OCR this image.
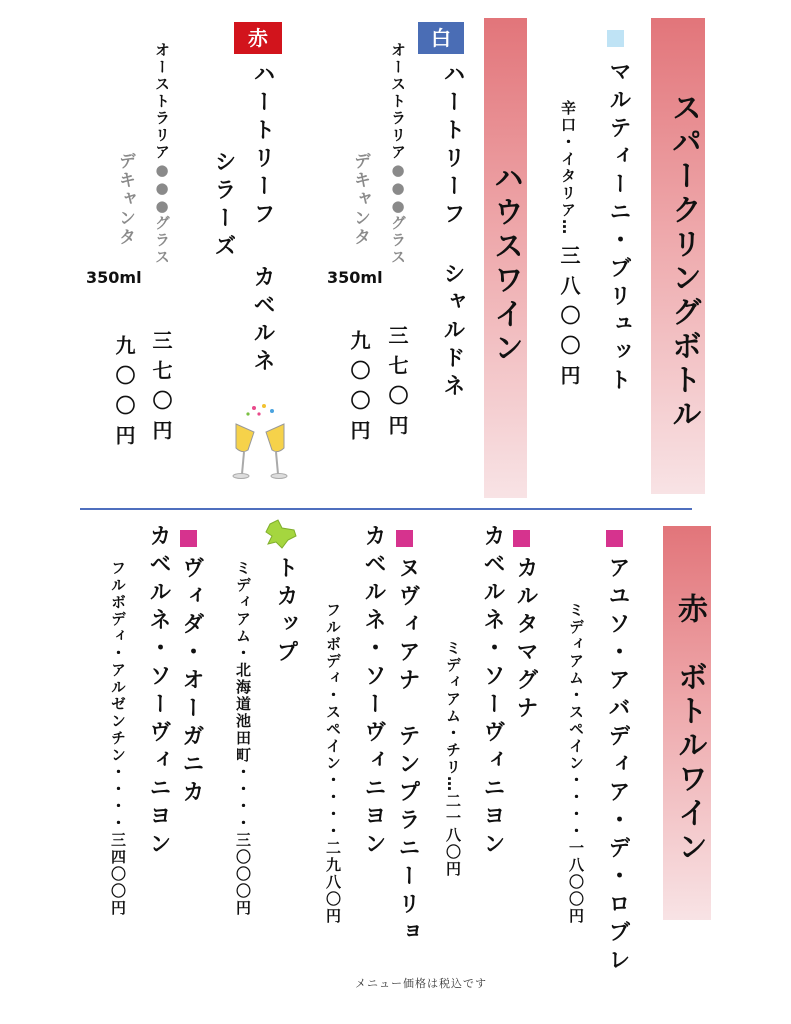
スパークリングボトル
マルティーニ・ブリュット
辛口・イタリア…
三八〇〇円
ハウスワイン
白
ハートリーフ
シャルドネ
オーストラリア●●●グラス
三七〇円
デキャンタ
350ml
九〇〇円
赤
ハートリーフ
カベルネ
シラーズ
オーストラリア●●●グラス
三七〇円
デキャンタ
350ml
九〇〇円
赤　ボトルワイン
アユソ・アバディア・デ・ロブレ
ミディアム・スペイン・・・・一八〇〇円
カルタマグナ
カベルネ・ソーヴィニヨン
ミディアム・チリ…二一八〇円
ヌヴィアナ　テンプラニーリョ
カベルネ・ソーヴィニヨン
フルボディ・スペイン・・・・二九八〇円
トカップ
ミディアム・北海道池田町・・・・三〇〇〇円
ヴィダ・オーガニカ
カベルネ・ソーヴィニヨン
フルボディ・アルゼンチン・・・・三四〇〇円
メニュー価格は税込です
